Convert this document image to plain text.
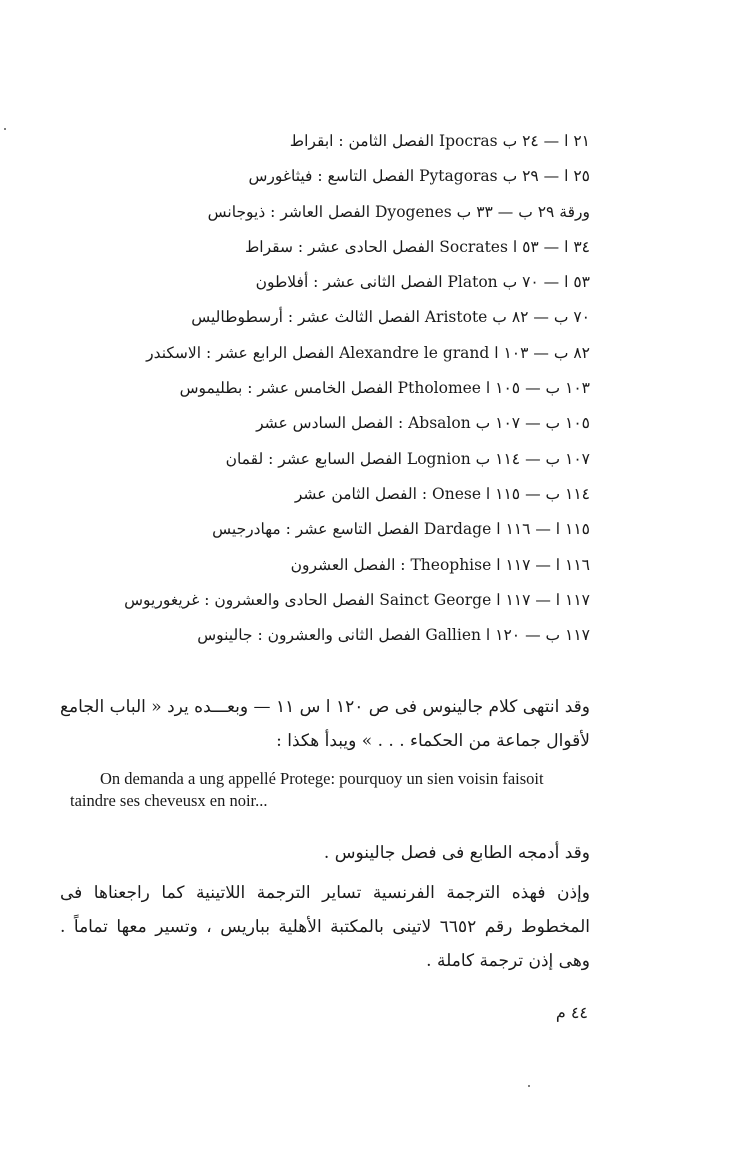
الفصل الثامن : ابقراط Ipocras ٢١ ا — ٢٤ ب
الفصل التاسع : فيثاغورس Pytagoras ٢٥ ا — ٢٩ ب
الفصل العاشر : ذيوجانس Dyogenes ورقة ٢٩ ب — ٣٣ ب
الفصل الحادى عشر : سقراط Socrates ٣٤ ا — ٥٣ ا
الفصل الثانى عشر : أفلاطون Platon ٥٣ ا — ٧٠ ب
الفصل الثالث عشر : أرسطوطاليس Aristote ٧٠ ب — ٨٢ ب
الفصل الرابع عشر : الاسكندر Alexandre le grand ٨٢ ب — ١٠٣ ا
الفصل الخامس عشر : بطليموس Ptholomee ١٠٣ ب — ١٠٥ ا
الفصل السادس عشر : Absalon ١٠٥ ب — ١٠٧ ب
الفصل السابع عشر : لقمان Lognion ١٠٧ ب — ١١٤ ب
الفصل الثامن عشر : Onese ١١٤ ب — ١١٥ ا
الفصل التاسع عشر : مهادرجيس Dardage ١١٥ ا — ١١٦ ا
الفصل العشرون : Theophise ١١٦ ا — ١١٧ ا
الفصل الحادى والعشرون : غريغوريوس Sainct George ١١٧ ا — ١١٧ ا
الفصل الثانى والعشرون : جالينوس Gallien ١١٧ ب — ١٢٠ ا

وقد انتهى كلام جالينوس فى ص ١٢٠ ا س ١١ — وبعـــده يرد « الباب الجامع لأقوال جماعة من الحكماء . . . » ويبدأ هكذا :

On demanda a ung appellé Protege: pourquoy un sien voisin faisoit taindre ses cheveusx en noir...

وقد أدمجه الطابع فى فصل جالينوس .

وإذن فهذه الترجمة الفرنسية تساير الترجمة اللاتينية كما راجعناها فى المخطوط رقم ٦٦٥٢ لاتينى بالمكتبة الأهلية بباريس ، وتسير معها تماماً . وهى إذن ترجمة كاملة .

٤٤ م
